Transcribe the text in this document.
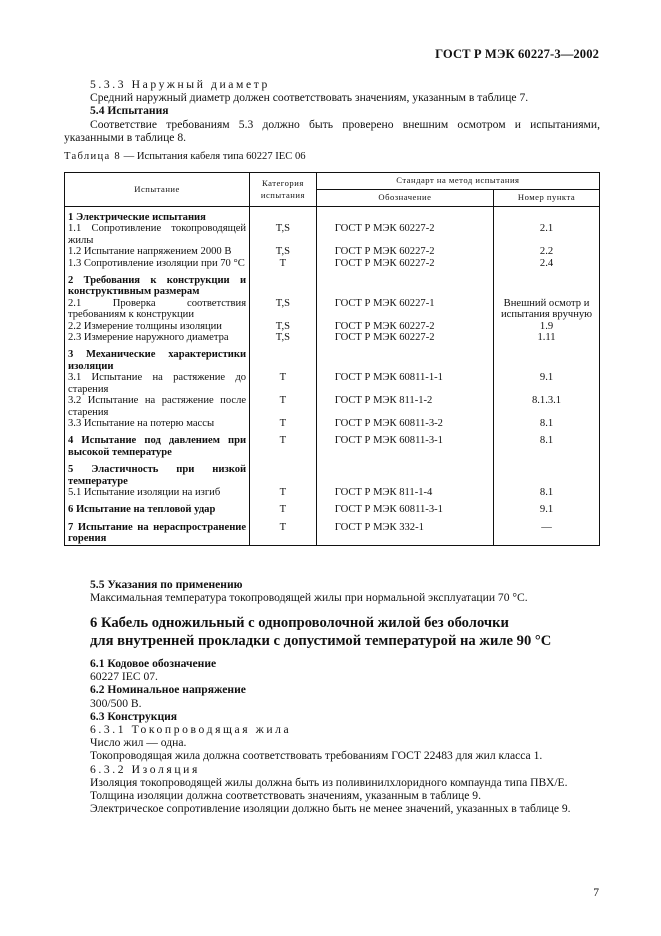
ГОСТ Р МЭК 60227-3—2002

5.3.3 Наружный диаметр

Средний наружный диаметр должен соответствовать значениям, указанным в таблице 7.

5.4 Испытания

Соответствие требованиям 5.3 должно быть проверено внешним осмотром и испытаниями, указанными в таблице 8.

Таблица 8 — Испытания кабеля типа 60227 IEC 06
Испытание	Категория испытания	Стандарт на метод испытания	
		Обозначение	Номер пункта

1 Электрические испытания			
1.1 Сопротивление токопроводящей жилы	T,S	ГОСТ Р МЭК 60227-2	2.1
1.2 Испытание напряжением 2000 В	T,S	ГОСТ Р МЭК 60227-2	2.2
1.3 Сопротивление изоляции при 70 °С	T	ГОСТ Р МЭК 60227-2	2.4
2 Требования к конструкции и конструктивным размерам			
2.1 Проверка соответствия требованиям к конструкции	T,S	ГОСТ Р МЭК 60227-1	Внешний осмотр и испытания вручную
2.2 Измерение толщины изоляции	T,S	ГОСТ Р МЭК 60227-2	1.9
2.3 Измерение наружного диаметра	T,S	ГОСТ Р МЭК 60227-2	1.11
3 Механические характеристики изоляции			
3.1 Испытание на растяжение до старения	T	ГОСТ Р МЭК 60811-1-1	9.1
3.2 Испытание на растяжение после старения	T	ГОСТ Р МЭК 811-1-2	8.1.3.1
3.3 Испытание на потерю массы	T	ГОСТ Р МЭК 60811-3-2	8.1
4 Испытание под давлением при высокой температуре	T	ГОСТ Р МЭК 60811-3-1	8.1
5 Эластичность при низкой температуре			
5.1 Испытание изоляции на изгиб	T	ГОСТ Р МЭК 811-1-4	8.1
6 Испытание на тепловой удар	T	ГОСТ Р МЭК 60811-3-1	9.1
7 Испытание на нераспространение горения	T	ГОСТ Р МЭК 332-1	—

5.5 Указания по применению

Максимальная температура токопроводящей жилы при нормальной эксплуатации 70 °С.

6 Кабель одножильный с однопроволочной жилой без оболочки
для внутренней прокладки с допустимой температурой на жиле 90 °С

6.1 Кодовое обозначение

60227 IEC 07.

6.2 Номинальное напряжение

300/500 В.

6.3 Конструкция

6.3.1 Токопроводящая жила

Число жил — одна.

Токопроводящая жила должна соответствовать требованиям ГОСТ 22483 для жил класса 1.

6.3.2 Изоляция

Изоляция токопроводящей жилы должна быть из поливинилхлоридного компаунда типа ПВХ/Е.

Толщина изоляции должна соответствовать значениям, указанным в таблице 9.

Электрическое сопротивление изоляции должно быть не менее значений, указанных в таблице 9.

7
